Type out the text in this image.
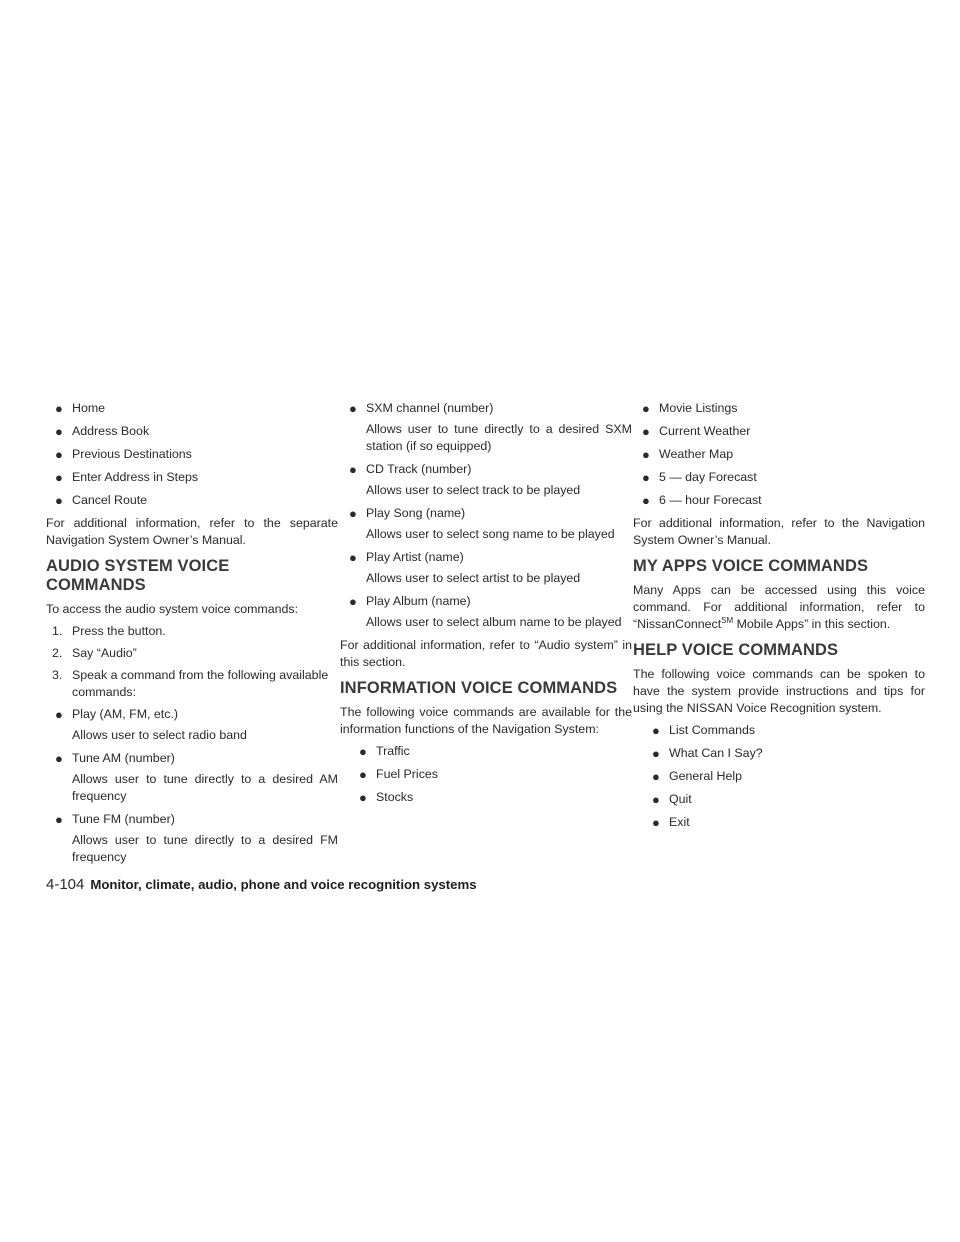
● Home
● Address Book
● Previous Destinations
● Enter Address in Steps
● Cancel Route

For additional information, refer to the separate Navigation System Owner’s Manual.

AUDIO SYSTEM VOICE
COMMANDS

To access the audio system voice commands:

1. Press the button.
2. Say “Audio”
3. Speak a command from the following available commands:
● Play (AM, FM, etc.)

Allows user to select radio band

● Tune AM (number)

Allows user to tune directly to a desired AM frequency

● Tune FM (number)

Allows user to tune directly to a desired FM frequency

● SXM channel (number)

Allows user to tune directly to a desired SXM station (if so equipped)

● CD Track (number)

Allows user to select track to be played

● Play Song (name)

Allows user to select song name to be played

● Play Artist (name)

Allows user to select artist to be played

● Play Album (name)

Allows user to select album name to be played

For additional information, refer to “Audio system” in this section.

INFORMATION VOICE COMMANDS

The following voice commands are available for the information functions of the Navigation System:

● Traffic
● Fuel Prices
● Stocks
● Movie Listings
● Current Weather
● Weather Map
● 5 — day Forecast
● 6 — hour Forecast

For additional information, refer to the Navigation System Owner’s Manual.

MY APPS VOICE COMMANDS

Many Apps can be accessed using this voice command. For additional information, refer to “NissanConnect℠ Mobile Apps” in this section.

HELP VOICE COMMANDS

The following voice commands can be spoken to have the system provide instructions and tips for using the NISSAN Voice Recognition system.

● List Commands
● What Can I Say?
● General Help
● Quit
● Exit
4-104 Monitor, climate, audio, phone and voice recognition systems
